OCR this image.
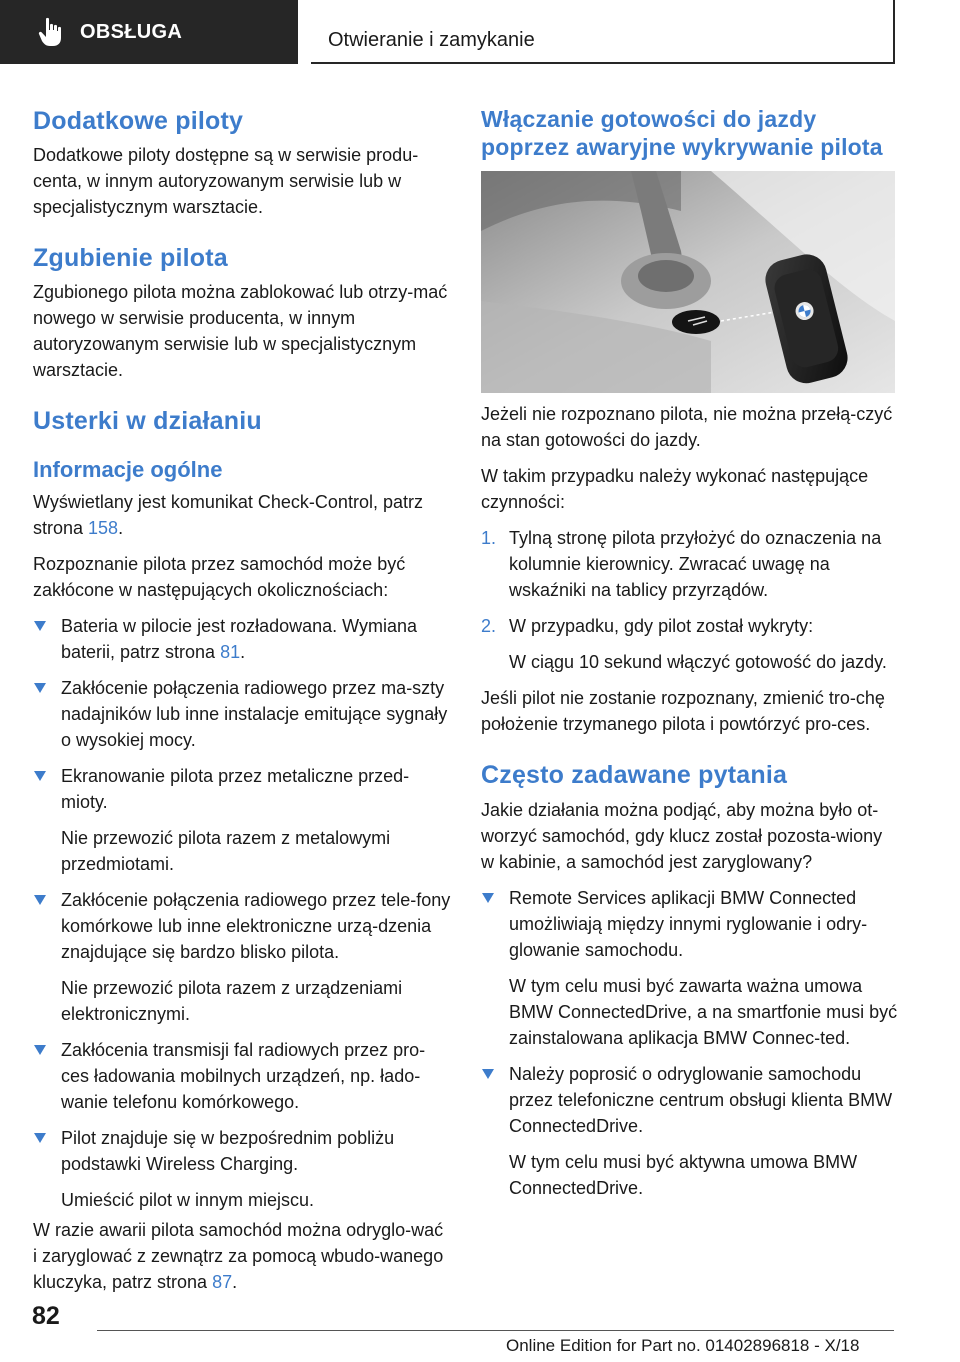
OBSŁUGA	Otwieranie i zamykanie
Dodatkowe piloty

Dodatkowe piloty dostępne są w serwisie produ-centa, w innym autoryzowanym serwisie lub w specjalistycznym warsztacie.

Zgubienie pilota

Zgubionego pilota można zablokować lub otrzy-mać nowego w serwisie producenta, w innym autoryzowanym serwisie lub w specjalistycznym warsztacie.

Usterki w działaniu
Informacje ogólne

Wyświetlany jest komunikat Check-Control, patrz strona 158.

Rozpoznanie pilota przez samochód może być zakłócone w następujących okolicznościach:

Bateria w pilocie jest rozładowana. Wymiana baterii, patrz strona 81.
Zakłócenie połączenia radiowego przez ma-szty nadajników lub inne instalacje emitujące sygnały o wysokiej mocy.
Ekranowanie pilota przez metaliczne przed-mioty.
Nie przewozić pilota razem z metalowymi przedmiotami.
Zakłócenie połączenia radiowego przez tele-fony komórkowe lub inne elektroniczne urzą-dzenia znajdujące się bardzo blisko pilota.
Nie przewozić pilota razem z urządzeniami elektronicznymi.
Zakłócenia transmisji fal radiowych przez pro-ces ładowania mobilnych urządzeń, np. łado-wanie telefonu komórkowego.
Pilot znajduje się w bezpośrednim pobliżu podstawki Wireless Charging.
Umieścić pilot w innym miejscu.

W razie awarii pilota samochód można odryglo-wać i zaryglować z zewnątrz za pomocą wbudo-wanego kluczyka, patrz strona 87.

Włączanie gotowości do jazdy poprzez awaryjne wykrywanie pilota

Jeżeli nie rozpoznano pilota, nie można przełą-czyć na stan gotowości do jazdy.

W takim przypadku należy wykonać następujące czynności:

1. Tylną stronę pilota przyłożyć do oznaczenia na kolumnie kierownicy. Zwracać uwagę na wskaźniki na tablicy przyrządów.
2. W przypadku, gdy pilot został wykryty:
W ciągu 10 sekund włączyć gotowość do jazdy.

Jeśli pilot nie zostanie rozpoznany, zmienić tro-chę położenie trzymanego pilota i powtórzyć pro-ces.

Często zadawane pytania

Jakie działania można podjąć, aby można było ot-worzyć samochód, gdy klucz został pozosta-wiony w kabinie, a samochód jest zaryglowany?

Remote Services aplikacji BMW Connected umożliwiają między innymi ryglowanie i odry-glowanie samochodu.
W tym celu musi być zawarta ważna umowa BMW ConnectedDrive, a na smartfonie musi być zainstalowana aplikacja BMW Connec-ted.
Należy poprosić o odryglowanie samochodu przez telefoniczne centrum obsługi klienta BMW ConnectedDrive.
W tym celu musi być aktywna umowa BMW ConnectedDrive.
82
Online Edition for Part no. 01402896818 - X/18
